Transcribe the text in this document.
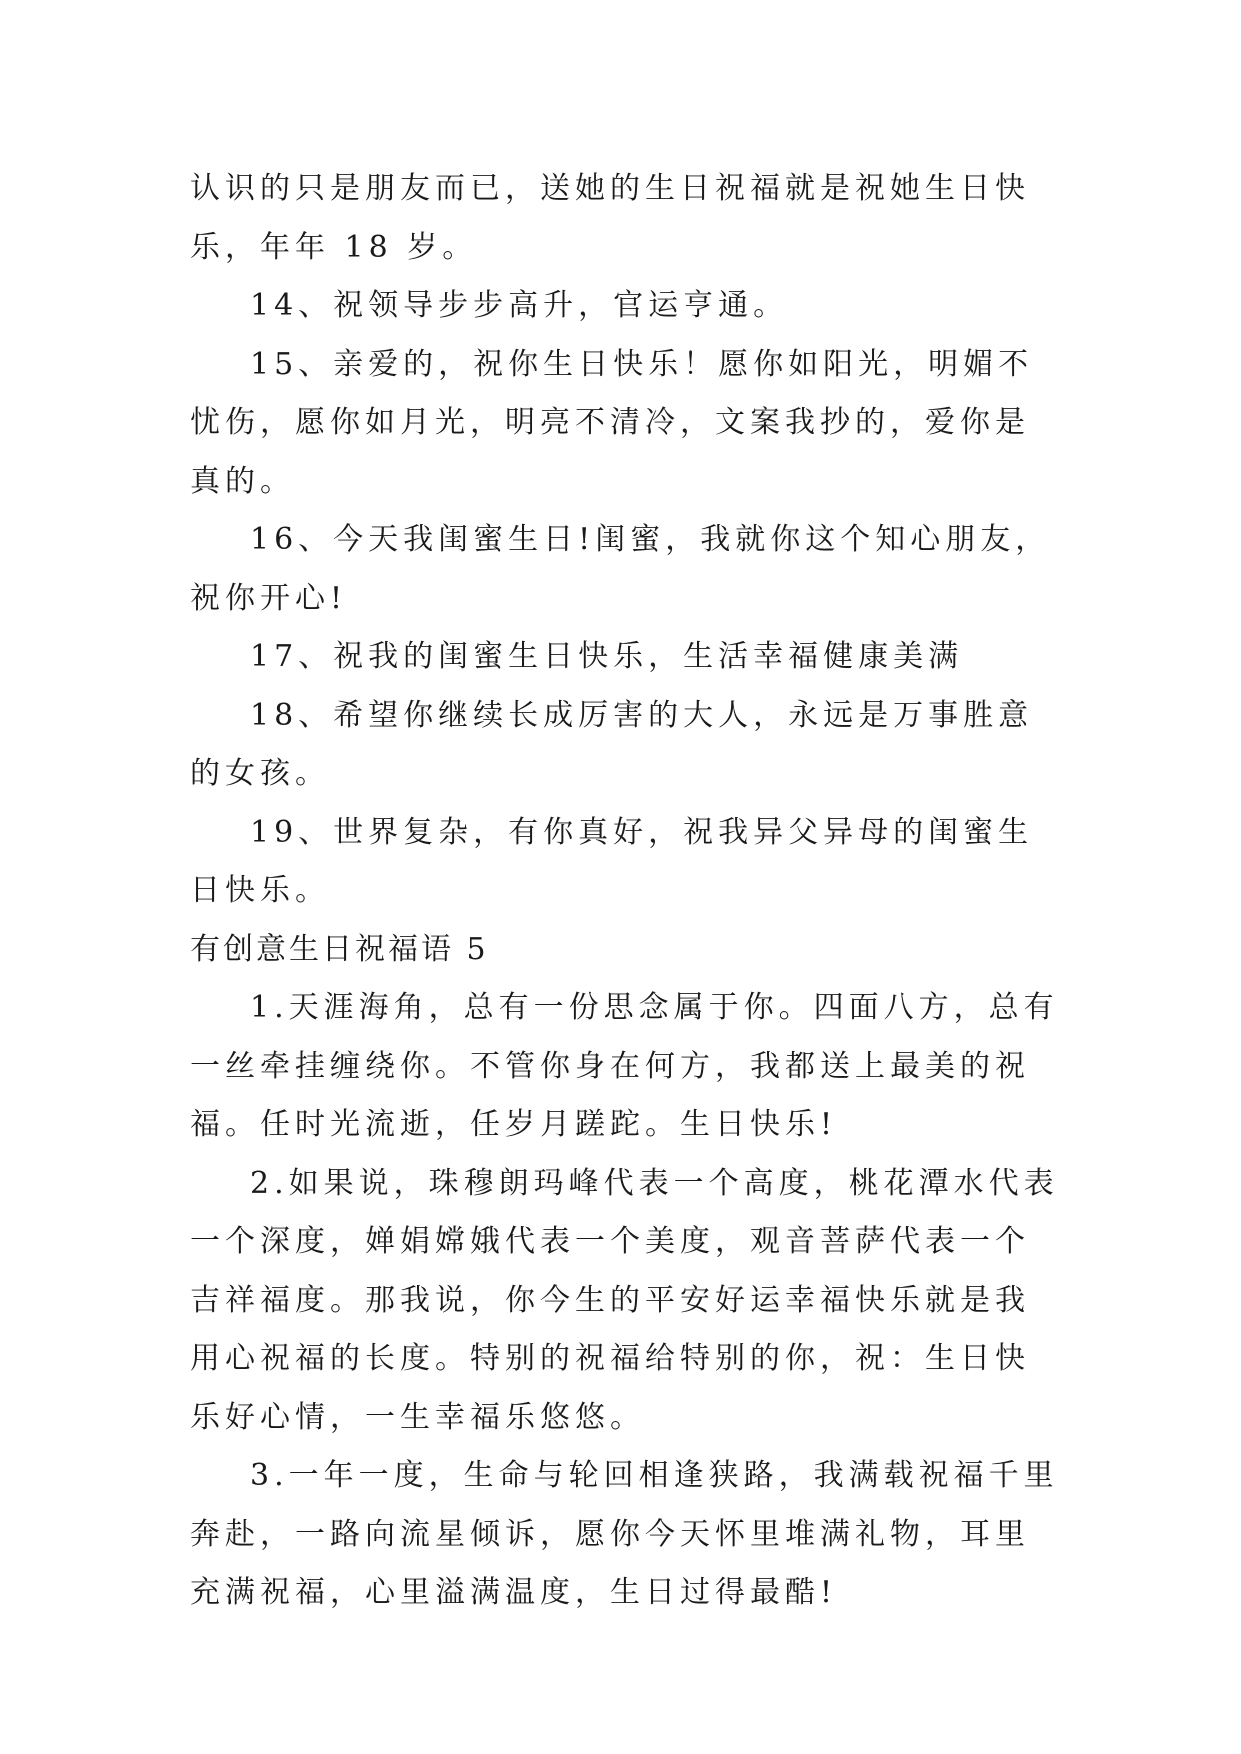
认识的只是朋友而已，送她的生日祝福就是祝她生日快乐，年年 18 岁。

14、祝领导步步高升，官运亨通。

15、亲爱的，祝你生日快乐！愿你如阳光，明媚不忧伤，愿你如月光，明亮不清冷，文案我抄的，爱你是真的。

16、今天我闺蜜生日!闺蜜，我就你这个知心朋友，祝你开心!

17、祝我的闺蜜生日快乐，生活幸福健康美满

18、希望你继续长成厉害的大人，永远是万事胜意的女孩。

19、世界复杂，有你真好，祝我异父异母的闺蜜生日快乐。

有创意生日祝福语 5

1.天涯海角，总有一份思念属于你。四面八方，总有一丝牵挂缠绕你。不管你身在何方，我都送上最美的祝福。任时光流逝，任岁月蹉跎。生日快乐!

2.如果说，珠穆朗玛峰代表一个高度，桃花潭水代表一个深度，婵娟嫦娥代表一个美度，观音菩萨代表一个吉祥福度。那我说，你今生的平安好运幸福快乐就是我用心祝福的长度。特别的祝福给特别的你，祝：生日快乐好心情，一生幸福乐悠悠。

3.一年一度，生命与轮回相逢狭路，我满载祝福千里奔赴，一路向流星倾诉，愿你今天怀里堆满礼物，耳里充满祝福，心里溢满温度，生日过得最酷!
